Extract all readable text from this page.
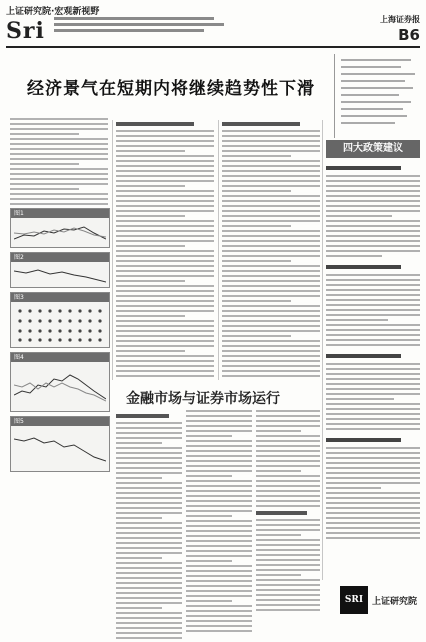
上证研究院·宏观新视野
Sri	上海证券报
B6
经济景气在短期内将继续趋势性下滑
图1
图2
图3
图4
图5
金融市场与证券市场运行
四大政策建议
SRI 上证研究院
